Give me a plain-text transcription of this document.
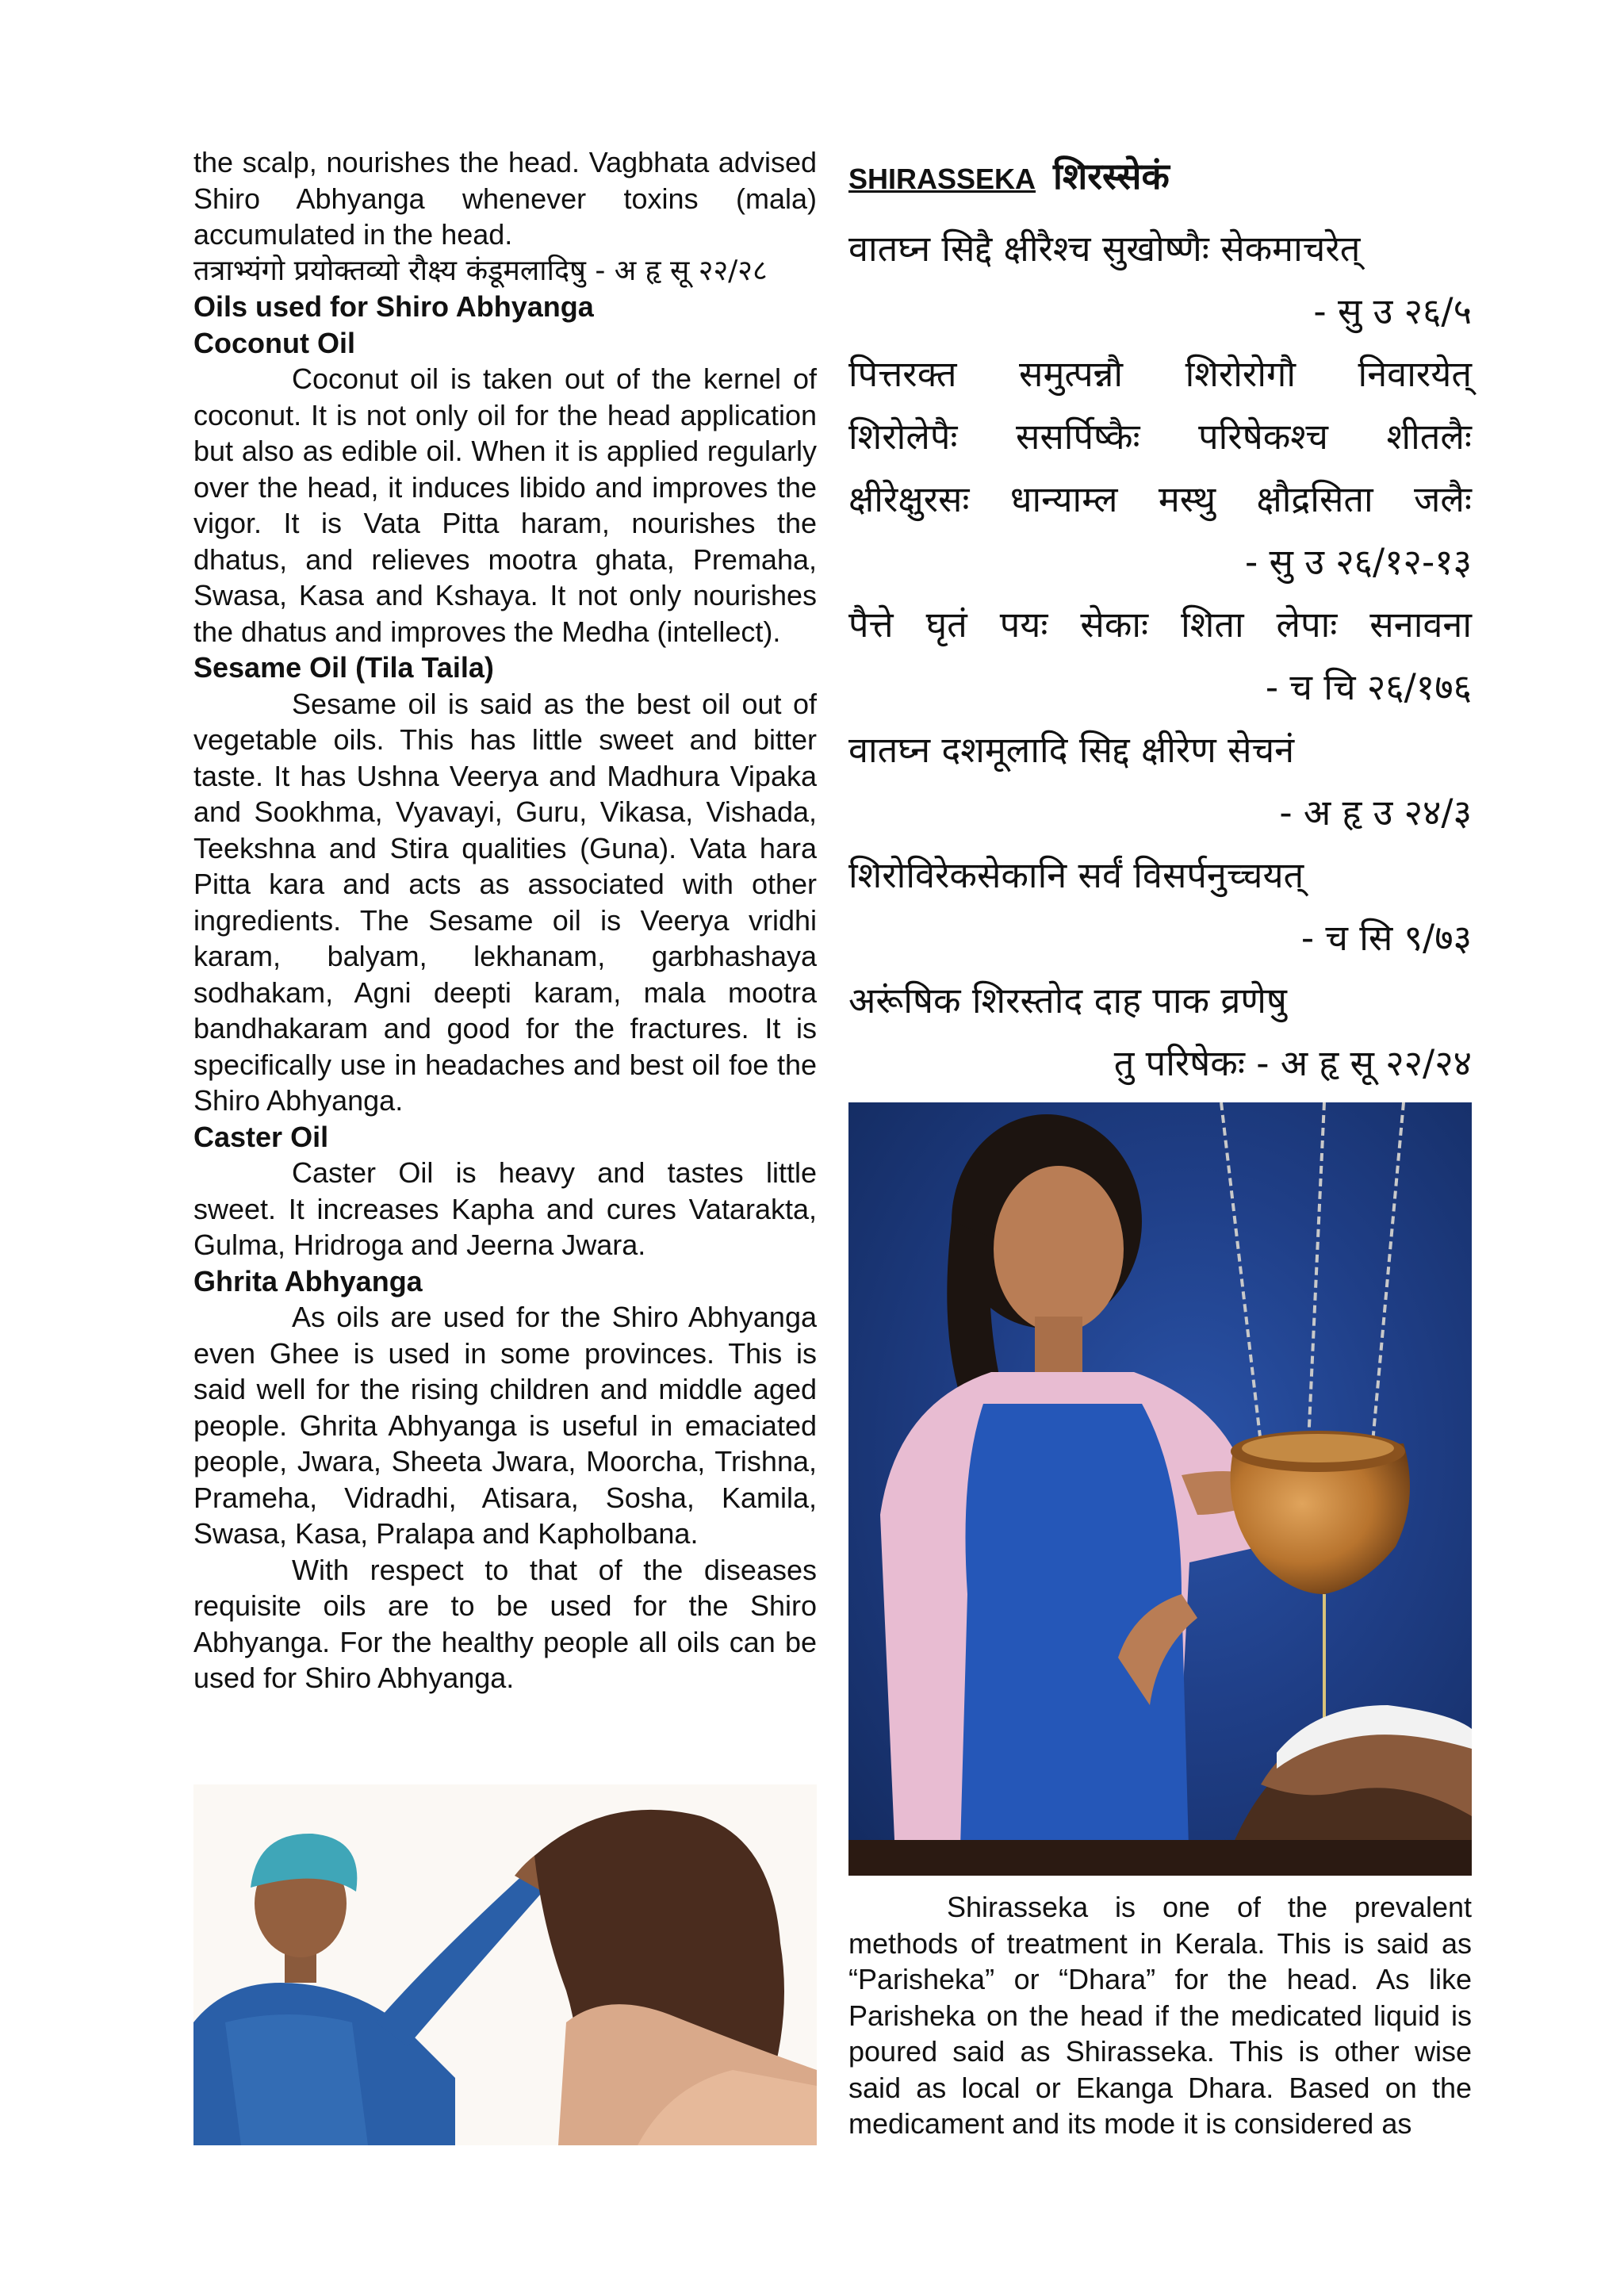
the scalp, nourishes the head. Vagbhata advised Shiro Abhyanga whenever toxins (mala) accumulated in the head.

तत्राभ्यंगो प्रयोक्तव्यो रौक्ष्य कंडूमलादिषु - अ हृ सू २२/२८

Oils used for Shiro Abhyanga

Coconut Oil

Coconut oil is taken out of the kernel of coconut. It is not only oil for the head application but also as edible oil. When it is applied regularly over the head, it induces libido and improves the vigor. It is Vata Pitta haram, nourishes the dhatus, and relieves mootra ghata, Premaha, Swasa, Kasa and Kshaya. It not only nourishes the dhatus and improves the Medha (intellect).

Sesame Oil (Tila Taila)

Sesame oil is said as the best oil out of vegetable oils. This has little sweet and bitter taste. It has Ushna Veerya and Madhura Vipaka and Sookhma, Vyavayi, Guru, Vikasa, Vishada, Teekshna and Stira qualities (Guna). Vata hara Pitta kara and acts as associated with other ingredients. The Sesame oil is Veerya vridhi karam, balyam, lekhanam, garbhashaya sodhakam, Agni deepti karam, mala mootra bandhakaram and good for the fractures. It is specifically use in headaches and best oil foe the Shiro Abhyanga.

Caster Oil

Caster Oil is heavy and tastes little sweet. It increases Kapha and cures Vatarakta, Gulma, Hridroga and Jeerna Jwara.

Ghrita Abhyanga

As oils are used for the Shiro Abhyanga even Ghee is used in some provinces. This is said well for the rising children and middle aged people. Ghrita Abhyanga is useful in emaciated people, Jwara, Sheeta Jwara, Moorcha, Trishna, Prameha, Vidradhi, Atisara, Sosha, Kamila, Swasa, Kasa, Pralapa and Kapholbana.

With respect to that of the diseases requisite oils are to be used for the Shiro Abhyanga. For the healthy people all oils can be used for Shiro Abhyanga.

SHIRASSEKA शिरस्सेकं

वातघ्न सिद्दै क्षीरैश्च सुखोष्णैः सेकमाचरेत्

- सु उ २६/५

पित्तरक्त समुत्पन्नौ शिरोरोगौ निवारयेत्

शिरोलेपैः ससर्पिष्कैः परिषेकश्च शीतलैः

क्षीरेक्षुरसः धान्याम्ल मस्थु क्षौद्रसिता जलैः

- सु उ २६/१२-१३

पैत्ते घृतं पयः सेकाः शिता लेपाः सनावना

- च चि २६/१७६

वातघ्न दशमूलादि सिद्द क्षीरेण सेचनं

- अ हृ उ २४/३

शिरोविरेकसेकानि सर्वं विसर्पनुच्चयत्

- च सि ९/७३

अरूंषिक शिरस्तोद दाह पाक व्रणेषु

तु परिषेकः - अ हृ सू २२/२४

Shirasseka is one of the prevalent methods of treatment in Kerala. This is said as “Parisheka” or “Dhara” for the head. As like Parisheka on the head if the medicated liquid is poured said as Shirasseka. This is other wise said as local or Ekanga Dhara. Based on the medicament and its mode it is considered as
